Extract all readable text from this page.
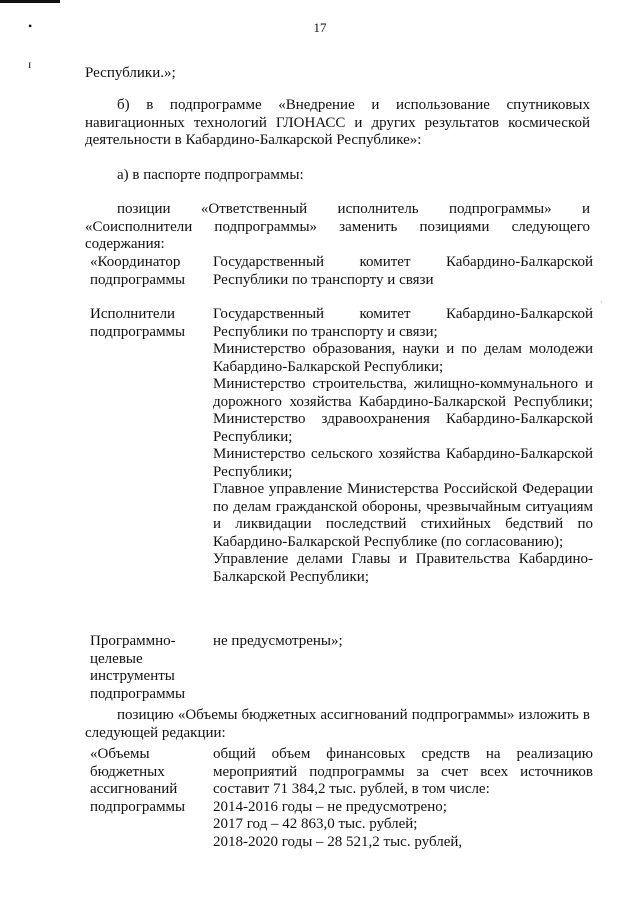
•
ɪ
17
Республики.»;
б) в подпрограмме «Внедрение и использование спутниковых
навигационных технологий ГЛОНАСС и других результатов космической
деятельности в Кабардино-Балкарской Республике»:
а) в паспорте подпрограммы:
позиции «Ответственный исполнитель подпрограммы» и
«Соисполнители подпрограммы» заменить позициями следующего
содержания:
«Координатор
подпрограммы
Государственный комитет Кабардино-Балкарской
Республики по транспорту и связи
·
Исполнители
подпрограммы
Государственный комитет Кабардино-Балкарской
Республики по транспорту и связи;
Министерство образования, науки и по делам молодежи
Кабардино-Балкарской Республики;
Министерство строительства, жилищно-коммунального и
дорожного хозяйства Кабардино-Балкарской Республики;
Министерство здравоохранения Кабардино-Балкарской
Республики;
Министерство сельского хозяйства Кабардино-Балкарской
Республики;
Главное управление Министерства Российской Федерации
по делам гражданской обороны, чрезвычайным ситуациям
и ликвидации последствий стихийных бедствий по
Кабардино-Балкарской Республике (по согласованию);
Управление делами Главы и Правительства Кабардино-
Балкарской Республики;
Программно-
целевые
инструменты
подпрограммы
не предусмотрены»;
позицию «Объемы бюджетных ассигнований подпрограммы» изложить в
следующей редакции:
«Объемы
бюджетных
ассигнований
подпрограммы
общий объем финансовых средств на реализацию
мероприятий подпрограммы за счет всех источников
составит 71 384,2 тыс. рублей, в том числе:
2014-2016 годы – не предусмотрено;
2017 год – 42 863,0 тыс. рублей;
2018-2020 годы – 28 521,2 тыс. рублей,
